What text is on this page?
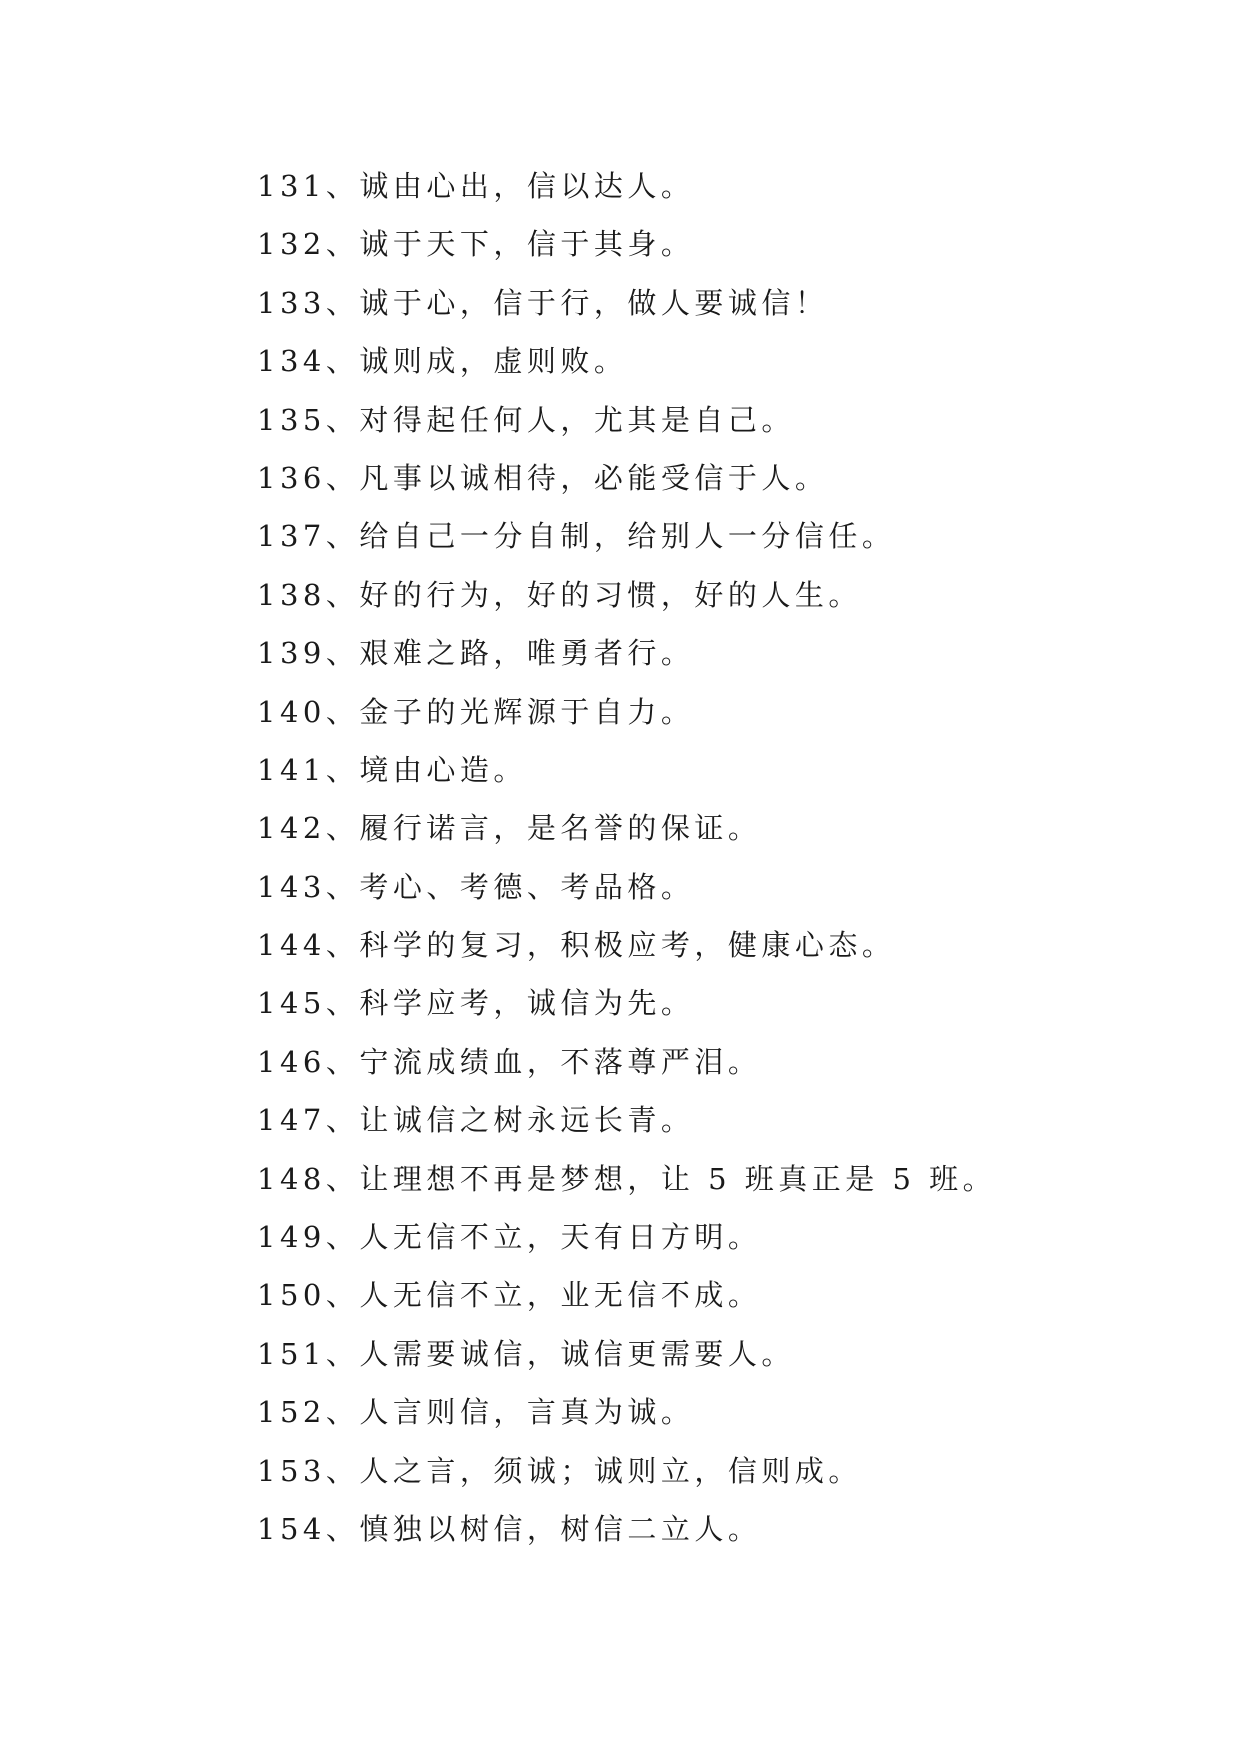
131、诚由心出，信以达人。
132、诚于天下，信于其身。
133、诚于心，信于行，做人要诚信！
134、诚则成，虚则败。
135、对得起任何人，尤其是自己。
136、凡事以诚相待，必能受信于人。
137、给自己一分自制，给别人一分信任。
138、好的行为，好的习惯，好的人生。
139、艰难之路，唯勇者行。
140、金子的光辉源于自力。
141、境由心造。
142、履行诺言，是名誉的保证。
143、考心、考德、考品格。
144、科学的复习，积极应考，健康心态。
145、科学应考，诚信为先。
146、宁流成绩血，不落尊严泪。
147、让诚信之树永远长青。
148、让理想不再是梦想，让 5 班真正是 5 班。
149、人无信不立，天有日方明。
150、人无信不立，业无信不成。
151、人需要诚信，诚信更需要人。
152、人言则信，言真为诚。
153、人之言，须诚；诚则立，信则成。
154、慎独以树信，树信二立人。
